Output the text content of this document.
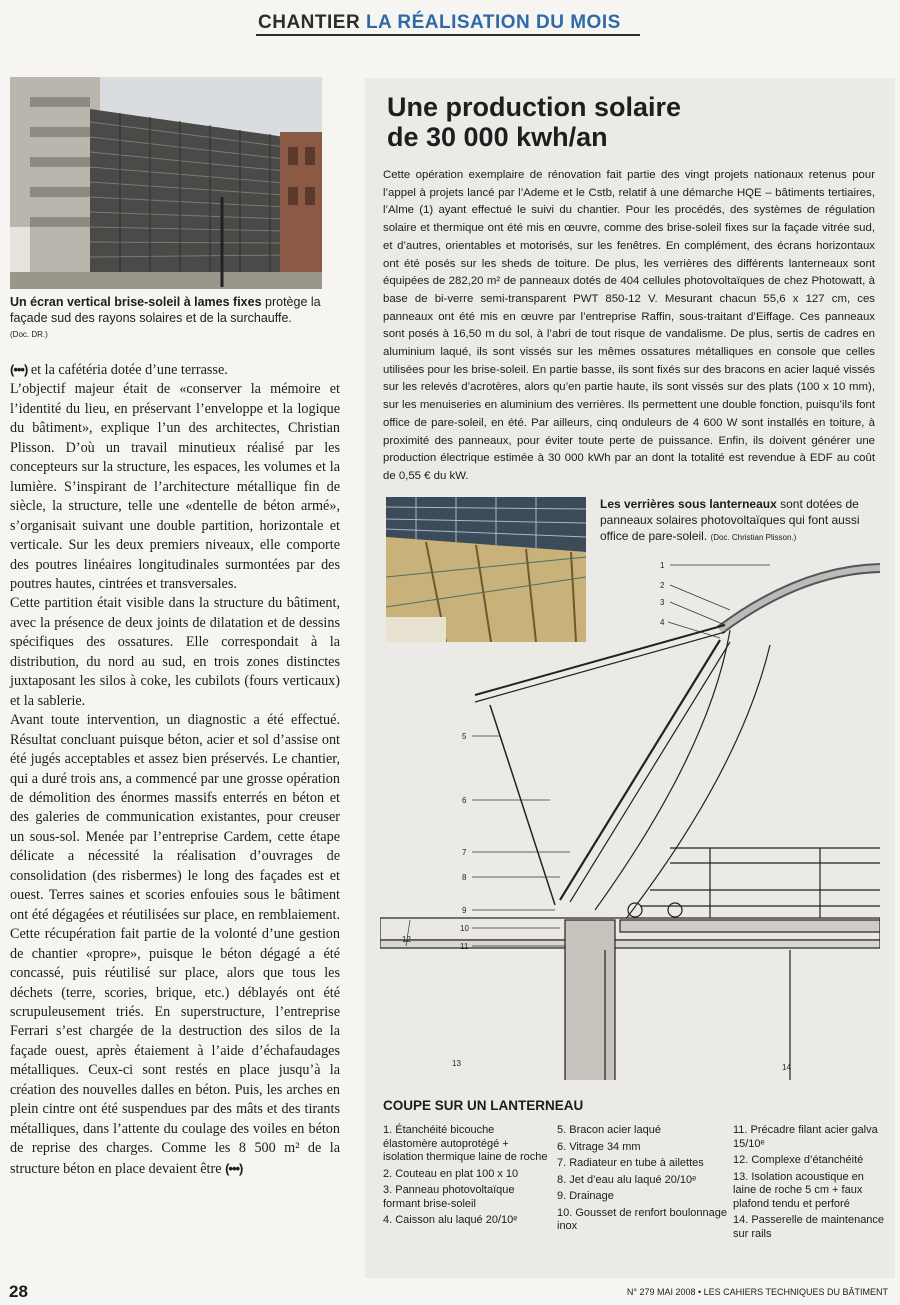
CHANTIER LA RÉALISATION DU MOIS
Un écran vertical brise-soleil à lames fixes protège la façade sud des rayons solaires et de la surchauffe.
(Doc. DR.)

(•••) et la cafétéria dotée d’une terrasse.

L’objectif majeur était de «conserver la mémoire et l’identité du lieu, en préservant l’enveloppe et la logique du bâtiment», explique l’un des architectes, Christian Plisson. D’où un travail minutieux réalisé par les concepteurs sur la structure, les espaces, les volumes et la lumière. S’inspirant de l’architecture métallique fin de siècle, la structure, telle une «dentelle de béton armé», s’organisait suivant une double partition, horizontale et verticale. Sur les deux premiers niveaux, elle comporte des poutres linéaires longitudinales surmontées par des poutres hautes, cintrées et transversales.

Cette partition était visible dans la structure du bâtiment, avec la présence de deux joints de dilatation et de dessins spécifiques des ossatures. Elle correspondait à la distribution, du nord au sud, en trois zones distinctes juxtaposant les silos à coke, les cubilots (fours verticaux) et la sablerie.

Avant toute intervention, un diagnostic a été effectué. Résultat concluant puisque béton, acier et sol d’assise ont été jugés acceptables et assez bien préservés. Le chantier, qui a duré trois ans, a commencé par une grosse opération de démolition des énormes massifs enterrés en béton et des galeries de communication existantes, pour creuser un sous-sol. Menée par l’entreprise Cardem, cette étape délicate a nécessité la réalisation d’ouvrages de consolidation (des risbermes) le long des façades est et ouest. Terres saines et scories enfouies sous le bâtiment ont été dégagées et réutilisées sur place, en remblaiement. Cette récupération fait partie de la volonté d’une gestion de chantier «propre», puisque le béton dégagé a été concassé, puis réutilisé sur place, alors que tous les déchets (terre, scories, brique, etc.) déblayés ont été scrupuleusement triés. En superstructure, l’entreprise Ferrari s’est chargée de la destruction des silos de la façade ouest, après étaiement à l’aide d’échafaudages métalliques. Ceux-ci sont restés en place jusqu’à la création des nouvelles dalles en béton. Puis, les arches en plein cintre ont été suspendues par des mâts et des tirants métalliques, dans l’attente du coulage des voiles en béton de reprise des charges. Comme les 8 500 m² de la structure béton en place devaient être (•••)

Une production solaire
de 30 000 kwh/an

Cette opération exemplaire de rénovation fait partie des vingt projets nationaux retenus pour l’appel à projets lancé par l’Ademe et le Cstb, relatif à une démarche HQE – bâtiments tertiaires, l’Alme (1) ayant effectué le suivi du chantier. Pour les procédés, des systèmes de régulation solaire et thermique ont été mis en œuvre, comme des brise-soleil fixes sur la façade vitrée sud, et d’autres, orientables et motorisés, sur les fenêtres. En complément, des écrans horizontaux ont été posés sur les sheds de toiture. De plus, les verrières des différents lanterneaux sont équipées de 282,20 m² de panneaux dotés de 404 cellules photovoltaïques de chez Photowatt, à base de bi-verre semi-transparent PWT 850-12 V. Mesurant chacun 55,6 x 127 cm, ces panneaux ont été mis en œuvre par l’entreprise Raffin, sous-traitant d’Eiffage. Ces panneaux sont posés à 16,50 m du sol, à l’abri de tout risque de vandalisme. De plus, sertis de cadres en aluminium laqué, ils sont vissés sur les mêmes ossatures métalliques en console que celles utilisées pour les brise-soleil. En partie basse, ils sont fixés sur des bracons en acier laqué vissés sur les relevés d’acrotères, alors qu’en partie haute, ils sont vissés sur des plats (100 x 10 mm), sur les menuiseries en aluminium des verrières. Ils permettent une double fonction, puisqu’ils font office de pare-soleil, en été. Par ailleurs, cinq onduleurs de 4 600 W sont installés en toiture, à proximité des panneaux, pour éviter toute perte de puissance. Enfin, ils doivent générer une production électrique estimée à 30 000 kWh par an dont la totalité est revendue à EDF au coût de 0,55 € du kW.

Les verrières sous lanterneaux sont dotées de panneaux solaires photovoltaïques qui font aussi office de pare-soleil. (Doc. Christian Plisson.)
1
2
3
4
5
6
7
8
9
10
11
12
13	14
COUPE SUR UN LANTERNEAU
1. Étanchéité bicouche élastomère autoprotégé + isolation thermique laine de roche
2. Couteau en plat 100 x 10
3. Panneau photovoltaïque formant brise-soleil
4. Caisson alu laqué 20/10ᵉ
5. Bracon acier laqué
6. Vitrage 34 mm
7. Radiateur en tube à ailettes
8. Jet d’eau alu laqué 20/10ᵉ
9. Drainage
10. Gousset de renfort boulonnage inox
11. Précadre filant acier galva 15/10ᵉ
12. Complexe d’étanchéité
13. Isolation acoustique en laine de roche 5 cm + faux plafond tendu et perforé
14. Passerelle de maintenance sur rails
28	N° 279 MAI 2008 • LES CAHIERS TECHNIQUES DU BÂTIMENT
